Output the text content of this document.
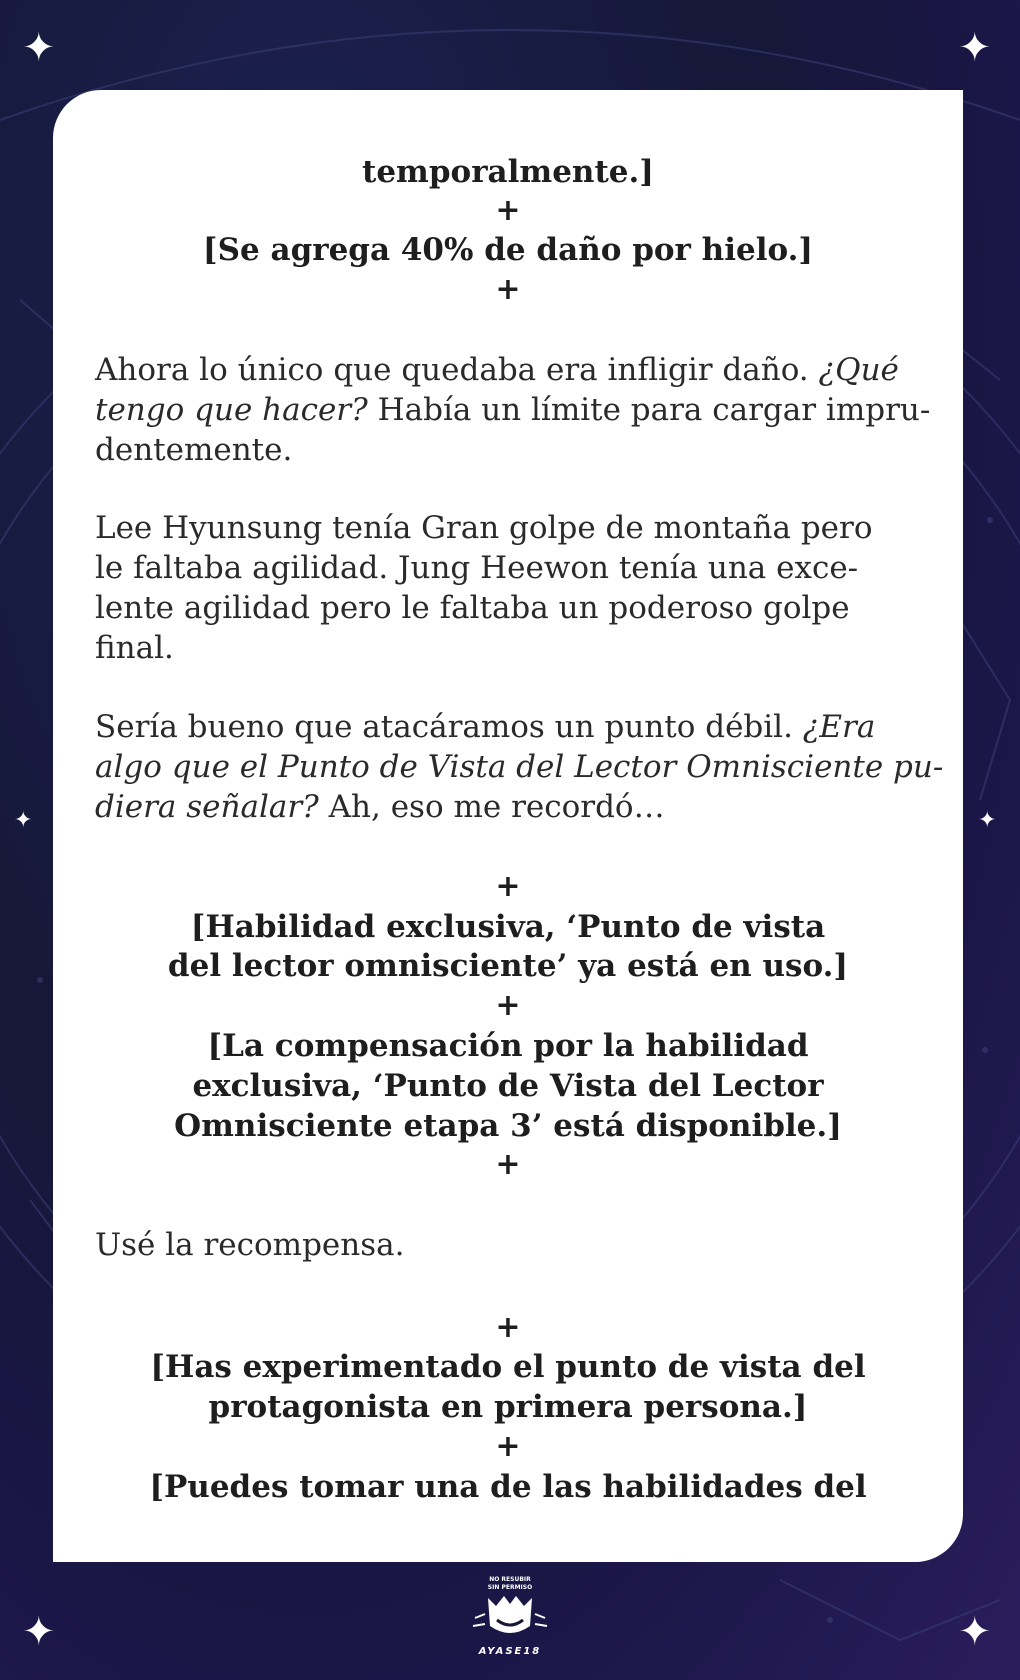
✦	✦
✦	✦
✦	✦
temporalmente.]
+
[Se agrega 40% de daño por hielo.]
+

Ahora lo único que quedaba era infligir daño. ¿Qué

tengo que hacer? Había un límite para cargar impru-

dentemente.

Lee Hyunsung tenía Gran golpe de montaña pero

le faltaba agilidad. Jung Heewon tenía una exce-

lente agilidad pero le faltaba un poderoso golpe

final.

Sería bueno que atacáramos un punto débil. ¿Era

algo que el Punto de Vista del Lector Omnisciente pu-

diera señalar? Ah, eso me recordó…

+
[Habilidad exclusiva, ‘Punto de vista
del lector omnisciente’ ya está en uso.]
+
[La compensación por la habilidad
exclusiva, ‘Punto de Vista del Lector
Omnisciente etapa 3’ está disponible.]
+

Usé la recompensa.

+
[Has experimentado el punto de vista del
protagonista en primera persona.]
+
[Puedes tomar una de las habilidades del
NO RESUBIR
SIN PERMISO
AYASE18
